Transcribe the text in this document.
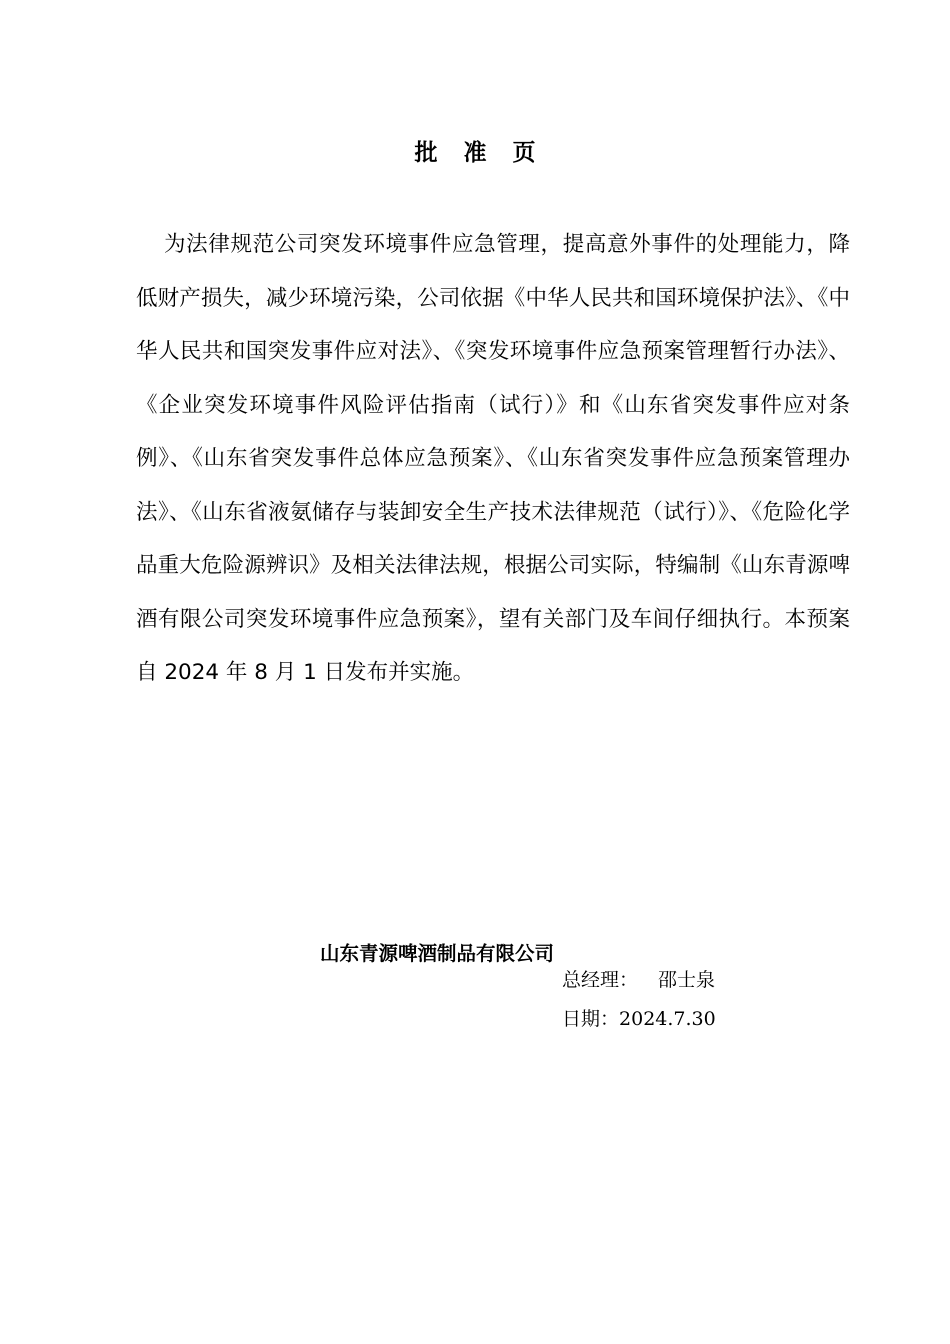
批准页

为法律规范公司突发环境事件应急管理，提高意外事件的处理能力，降低财产损失，减少环境污染，公司依据《中华人民共和国环境保护法》、《中华人民共和国突发事件应对法》、《突发环境事件应急预案管理暂行办法》、《企业突发环境事件风险评估指南（试行）》和《山东省突发事件应对条例》、《山东省突发事件总体应急预案》、《山东省突发事件应急预案管理办法》、《山东省液氨储存与装卸安全生产技术法律规范（试行）》、《危险化学品重大危险源辨识》及相关法律法规，根据公司实际，特编制《山东青源啤酒有限公司突发环境事件应急预案》，望有关部门及车间仔细执行。本预案自 2024 年 8 月 1 日发布并实施。

山东青源啤酒制品有限公司
总经理： 邵士泉
日期：2024.7.30
